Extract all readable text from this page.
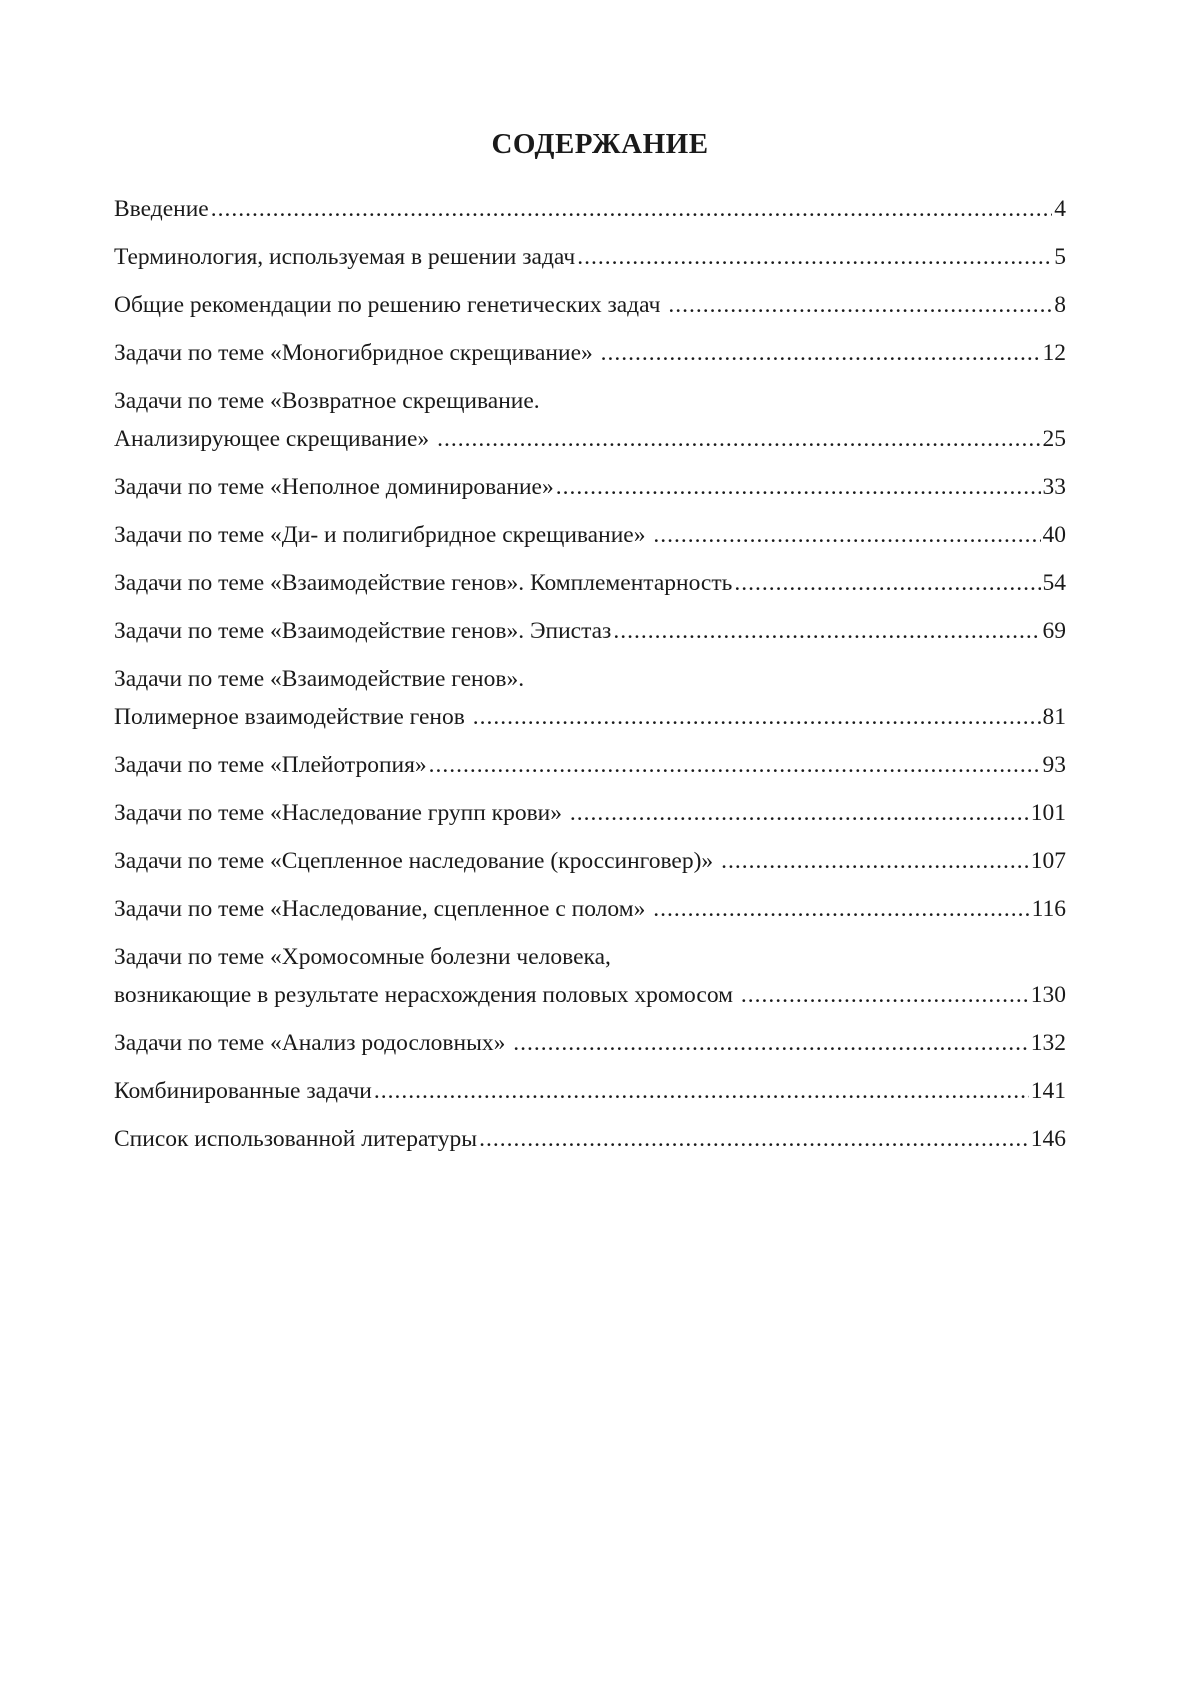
СОДЕРЖАНИЕ
Введение .....	4
Терминология, используемая в решении задач .....	5
Общие рекомендации по решению генетических задач .....	8
Задачи по теме «Моногибридное скрещивание» .....	12
Задачи по теме «Возвратное скрещивание.
Анализирующее скрещивание» .....	25
Задачи по теме «Неполное доминирование» .....	33
Задачи по теме «Ди- и полигибридное скрещивание» .....	40
Задачи по теме «Взаимодействие генов». Комплементарность .....	54
Задачи по теме «Взаимодействие генов». Эпистаз .....	69
Задачи по теме «Взаимодействие генов».
Полимерное взаимодействие генов .....	81
Задачи по теме «Плейотропия» .....	93
Задачи по теме «Наследование групп крови» .....	101
Задачи по теме «Сцепленное наследование (кроссинговер)» .....	107
Задачи по теме «Наследование, сцепленное с полом» .....	116
Задачи по теме «Хромосомные болезни человека,
возникающие в результате нерасхождения половых хромосом .....	130
Задачи по теме «Анализ родословных» .....	132
Комбинированные задачи .....	141
Список использованной литературы .....	146
